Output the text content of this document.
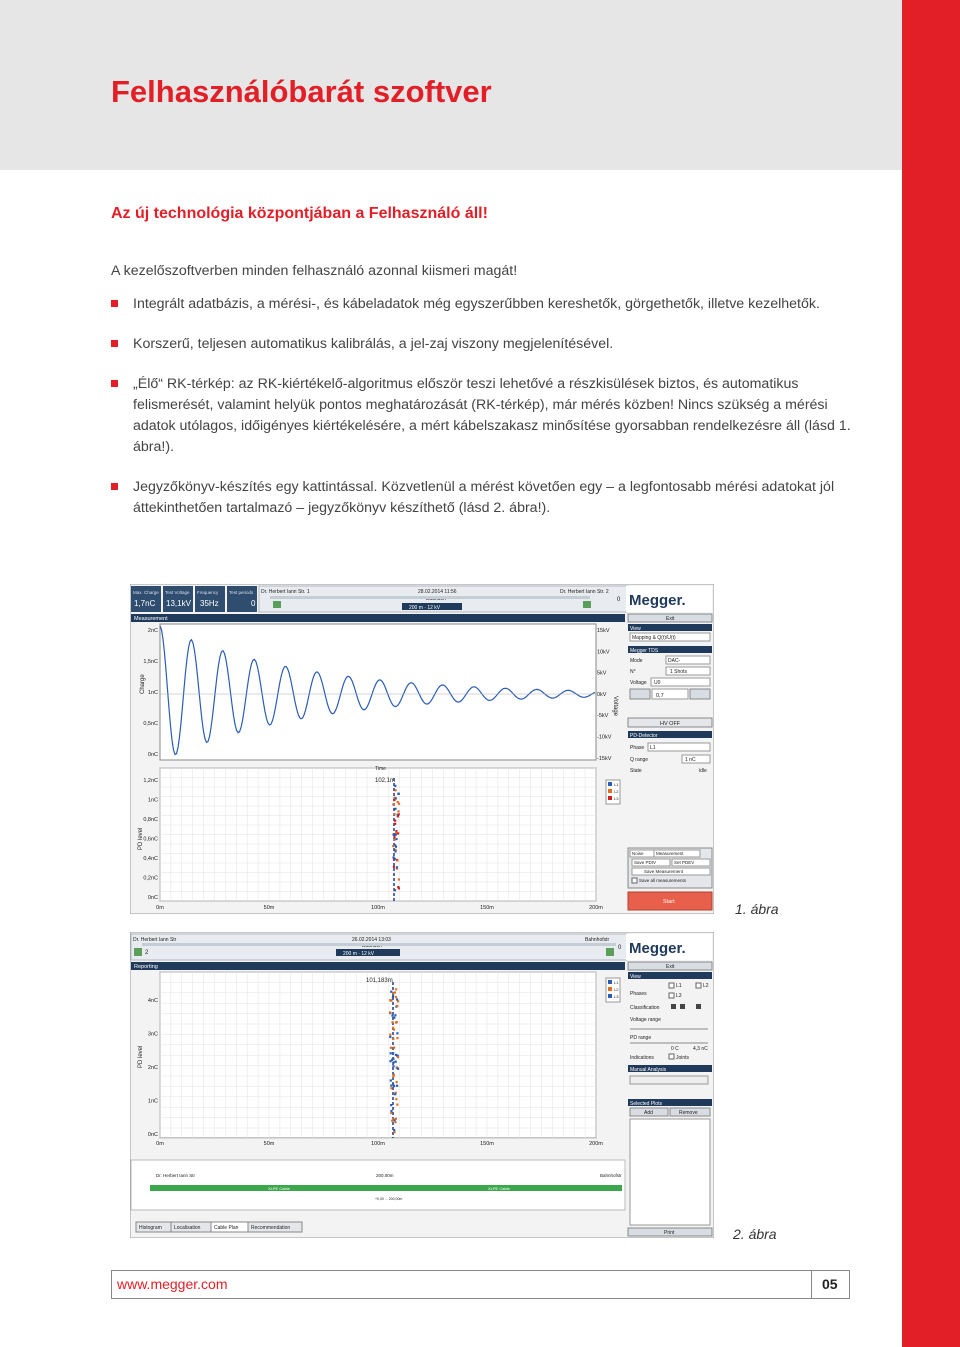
Felhasználóbarát szoftver
Az új technológia központjában a Felhasználó áll!

A kezelőszoftverben minden felhasználó azonnal kiismeri magát!

Integrált adatbázis, a mérési-, és kábeladatok még egyszerűbben kereshetők, görgethetők, illetve kezelhetők.
Korszerű, teljesen automatikus kalibrálás, a jel-zaj viszony megjelenítésével.
„Élő“ RK-térkép: az RK-kiértékelő-algoritmus először teszi lehetővé a részkisülések biztos, és automatikus felismerését, valamint helyük pontos meghatározását (RK-térkép), már mérés közben! Nincs szükség a mérési adatok utólagos, időigényes kiértékelésére, a mért kábelszakasz minősítése gyorsabban rendelkezésre áll (lásd 1. ábra!).
Jegyzőkönyv-készítés egy kattintással. Közvetlenül a mérést követően egy – a legfontosabb mérési adatokat jól áttekinthetően tartalmazó – jegyzőkönyv készíthető (lásd 2. ábra!).
Max. Charge
1,7nC
Test Voltage
13,1kV
Frequency
35Hz
Test periods
0
Dr. Herbert Iann Str. 1	Dr. Herbert Iann Str. 2
28.02.2014 11:56
200 m · 12 kV
0
Measurement
Charge
Voltage
2nC
1,5nC
1nC
0,5nC
0nC
15kV
10kV
5kV
0kV
-5kV
-10kV
-15kV
PD level
1,2nC
1nC
0,8nC
0,6nC
0,4nC
0,2nC
0nC
0m	50m	100m	150m	200m
Time
102,1m
L1
L2
L3
Megger.
Exit
View
Mapping & Q(t)/U(t)
Megger TDS
Mode	DAC-
N°	1 Shots
Voltage U0
0,7
HV OFF
PD-Detector
Phase L1
Q range	1 nC
State	idle
Noise	Measurement
Save PDIV	Set PDEV
Save Measurement
Save all measurements
Start	1. ábra
Dr. Herbert Iann Str	Bahnhofstr
26.02.2014 13:03
2	200 m · 12 kV
0
Reporting
PD level
4nC
3nC
2nC
1nC
0nC
0m	50m	100m	150m	200m
101,183m	L1
L2
L3
Dr. Herbert Iann Str	200.00m	Bahnhofstr
XLPE Cable	XLPE Cable
+0,00 ... 200,00m
Histogram Localisation	Cable Plan	Recommendation
Megger.
Exit
View
Phases
L1	L2
L3
Classification
Voltage range
PD range
0 C	4,3 nC
Indications	Joints
Manual Analysis
Selected Plots
Add	Remove
Print	2. ábra
www.megger.com	05
